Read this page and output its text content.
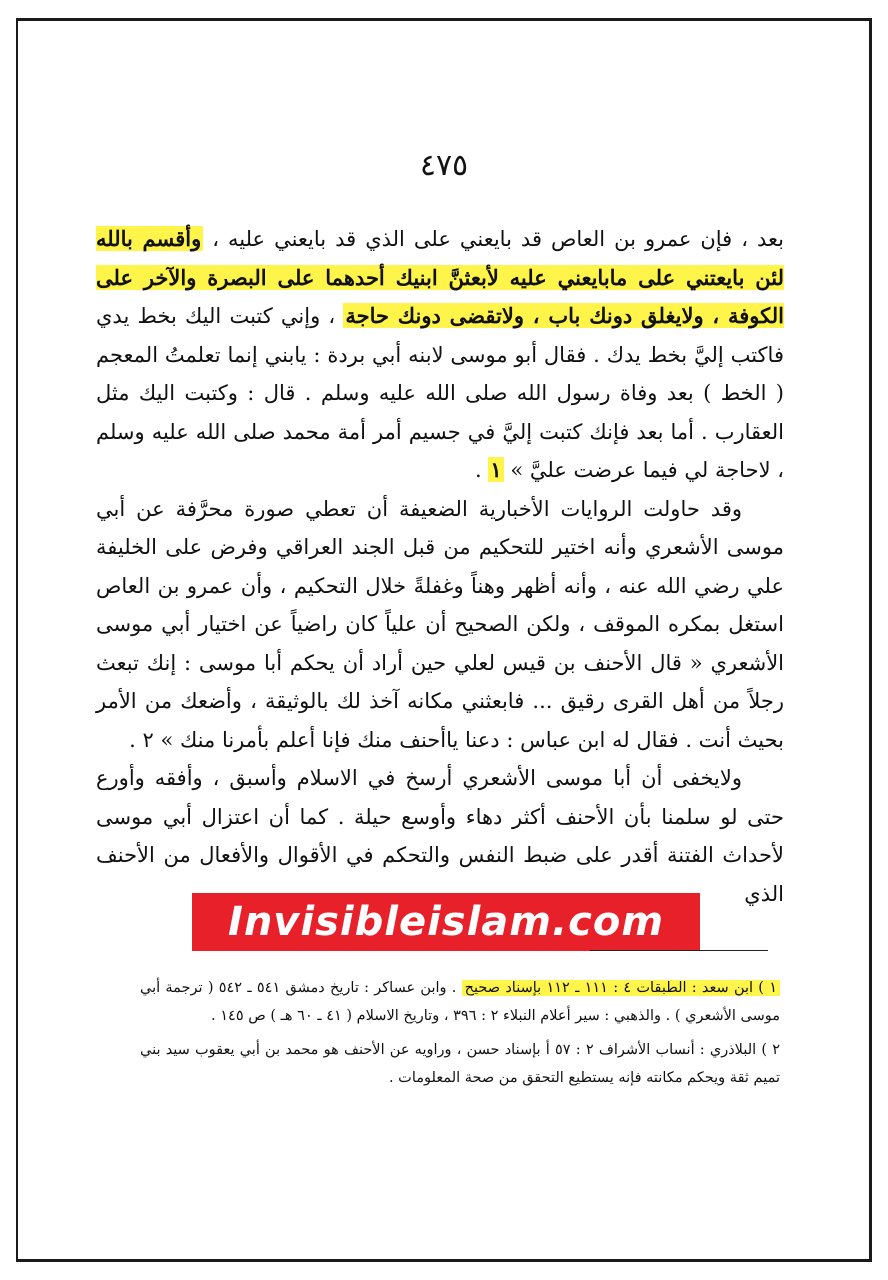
٤٧٥

بعد ، فإن عمرو بن العاص قد بايعني على الذي قد بايعني عليه ، وأقسم بالله لئن بايعتني على مابايعني عليه لأبعثنَّ ابنيك أحدهما على البصرة والآخر على الكوفة ، ولايغلق دونك باب ، ولاتقضى دونك حاجة ، وإني كتبت اليك بخط يدي فاكتب إليَّ بخط يدك . فقال أبو موسى لابنه أبي بردة : يابني إنما تعلمتُ المعجم ( الخط ) بعد وفاة رسول الله صلى الله عليه وسلم . قال : وكتبت اليك مثل العقارب . أما بعد فإنك كتبت إليَّ في جسيم أمر أمة محمد صلى الله عليه وسلم ، لاحاجة لي فيما عرضت عليَّ » ١ .

وقد حاولت الروايات الأخبارية الضعيفة أن تعطي صورة محرَّفة عن أبي موسى الأشعري وأنه اختير للتحكيم من قبل الجند العراقي وفرض على الخليفة علي رضي الله عنه ، وأنه أظهر وهناً وغفلةً خلال التحكيم ، وأن عمرو بن العاص استغل بمكره الموقف ، ولكن الصحيح أن علياً كان راضياً عن اختيار أبي موسى الأشعري « قال الأحنف بن قيس لعلي حين أراد أن يحكم أبا موسى : إنك تبعث رجلاً من أهل القرى رقيق ... فابعثني مكانه آخذ لك بالوثيقة ، وأضعك من الأمر بحيث أنت . فقال له ابن عباس : دعنا ياأحنف منك فإنا أعلم بأمرنا منك » ٢ .

ولايخفى أن أبا موسى الأشعري أرسخ في الاسلام وأسبق ، وأفقه وأورع حتى لو سلمنا بأن الأحنف أكثر دهاء وأوسع حيلة . كما أن اعتزال أبي موسى لأحداث الفتنة أقدر على ضبط النفس والتحكم في الأقوال والأفعال من الأحنف الذي

Invisibleislam.com

١ ) ابن سعد : الطبقات ٤ : ١١١ ـ ١١٢ بإسناد صحيح . وابن عساكر : تاريخ دمشق ٥٤١ ـ ٥٤٢ ( ترجمة أبي موسى الأشعري ) . والذهبي : سير أعلام النبلاء ٢ : ٣٩٦ ، وتاريخ الاسلام ( ٤١ ـ ٦٠ هـ ) ص ١٤٥ .

٢ ) البلاذري : أنساب الأشراف ٢ : ٥٧ أ بإسناد حسن ، وراويه عن الأحنف هو محمد بن أبي يعقوب سيد بني تميم ثقة ويحكم مكانته فإنه يستطيع التحقق من صحة المعلومات .
